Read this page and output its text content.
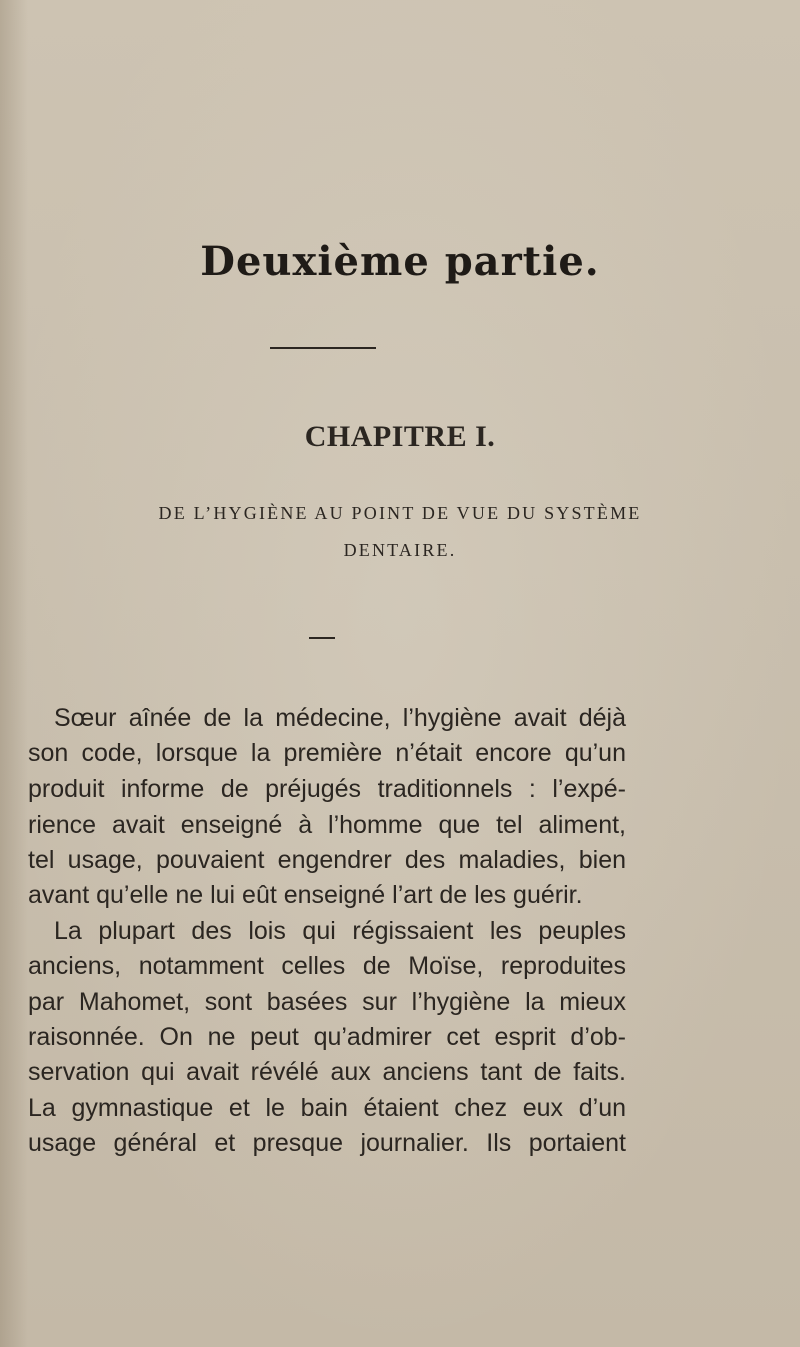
Deuxième partie.
CHAPITRE I.

DE L’HYGIÈNE AU POINT DE VUE DU SYSTÈME

DENTAIRE.

Sœur aînée de la médecine, l’hygiène avait déjà

son code, lorsque la première n’était encore qu’un

produit informe de préjugés traditionnels : l’expé-

rience avait enseigné à l’homme que tel aliment,

tel usage, pouvaient engendrer des maladies, bien

avant qu’elle ne lui eût enseigné l’art de les guérir.

La plupart des lois qui régissaient les peuples

anciens, notamment celles de Moïse, reproduites

par Mahomet, sont basées sur l’hygiène la mieux

raisonnée. On ne peut qu’admirer cet esprit d’ob-

servation qui avait révélé aux anciens tant de faits.

La gymnastique et le bain étaient chez eux d’un

usage général et presque journalier. Ils portaient
